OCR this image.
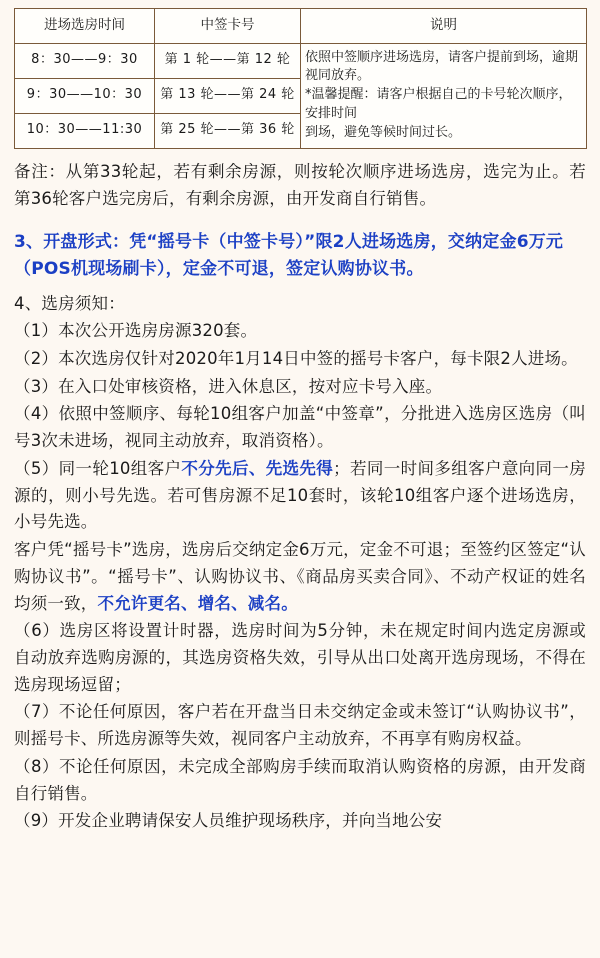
进场选房时间	中签卡号	说明
8：30——9：30	第 1 轮——第 12 轮	依照中签顺序进场选房，请客户提前到场，逾期视同放弃。
*温馨提醒：请客户根据自己的卡号轮次顺序，安排时间
到场，避免等候时间过长。

9：30——10：30	第 13 轮——第 24 轮	
10：30——11:30	第 25 轮——第 36 轮	

备注：从第33轮起，若有剩余房源，则按轮次顺序进场选房，选完为止。若第36轮客户选完房后，有剩余房源，由开发商自行销售。

3、开盘形式：凭“摇号卡（中签卡号）”限2人进场选房，交纳定金6万元（POS机现场刷卡），定金不可退，签定认购协议书。

4、选房须知：

（1）本次公开选房房源320套。

（2）本次选房仅针对2020年1月14日中签的摇号卡客户，每卡限2人进场。

（3）在入口处审核资格，进入休息区，按对应卡号入座。

（4）依照中签顺序、每轮10组客户加盖“中签章”，分批进入选房区选房（叫号3次未进场，视同主动放弃，取消资格）。

（5）同一轮10组客户不分先后、先选先得；若同一时间多组客户意向同一房源的，则小号先选。若可售房源不足10套时，该轮10组客户逐个进场选房，小号先选。

客户凭“摇号卡”选房，选房后交纳定金6万元，定金不可退；至签约区签定“认购协议书”。“摇号卡”、认购协议书、《商品房买卖合同》、不动产权证的姓名均须一致，不允许更名、增名、减名。

（6）选房区将设置计时器，选房时间为5分钟，未在规定时间内选定房源或自动放弃选购房源的，其选房资格失效，引导从出口处离开选房现场，不得在选房现场逗留；

（7）不论任何原因，客户若在开盘当日未交纳定金或未签订“认购协议书”，则摇号卡、所选房源等失效，视同客户主动放弃，不再享有购房权益。

（8）不论任何原因，未完成全部购房手续而取消认购资格的房源，由开发商自行销售。

（9）开发企业聘请保安人员维护现场秩序，并向当地公安
